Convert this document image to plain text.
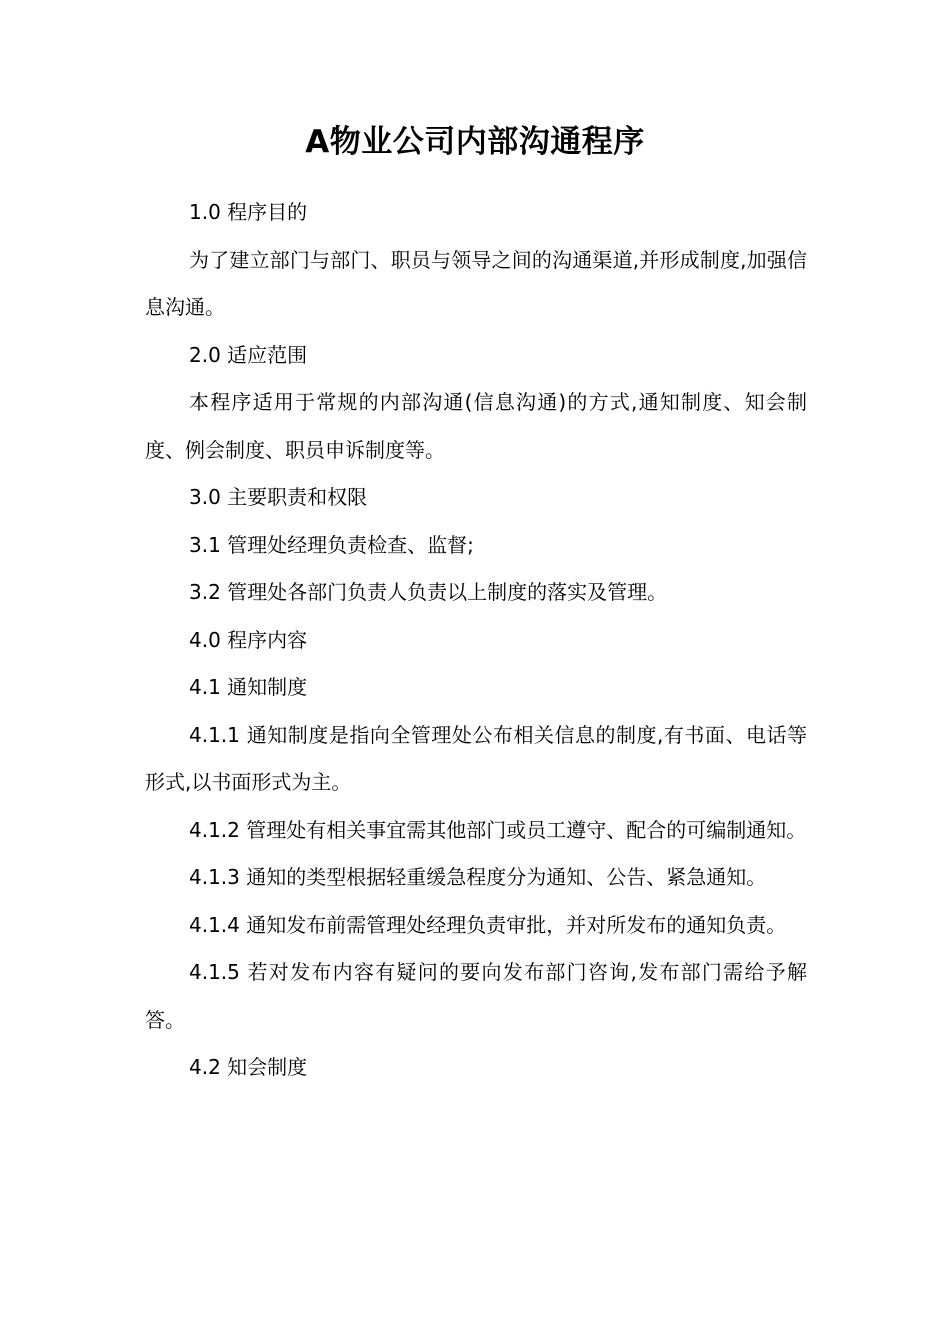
A物业公司内部沟通程序

1.0 程序目的

为了建立部门与部门、职员与领导之间的沟通渠道,并形成制度,加强信息沟通。

2.0 适应范围

本程序适用于常规的内部沟通(信息沟通)的方式,通知制度、知会制度、例会制度、职员申诉制度等。

3.0 主要职责和权限

3.1 管理处经理负责检查、监督;

3.2 管理处各部门负责人负责以上制度的落实及管理。

4.0 程序内容

4.1 通知制度

4.1.1 通知制度是指向全管理处公布相关信息的制度,有书面、电话等形式,以书面形式为主。

4.1.2 管理处有相关事宜需其他部门或员工遵守、配合的可编制通知。

4.1.3 通知的类型根据轻重缓急程度分为通知、公告、紧急通知。

4.1.4 通知发布前需管理处经理负责审批，并对所发布的通知负责。

4.1.5 若对发布内容有疑问的要向发布部门咨询,发布部门需给予解答。

4.2 知会制度
